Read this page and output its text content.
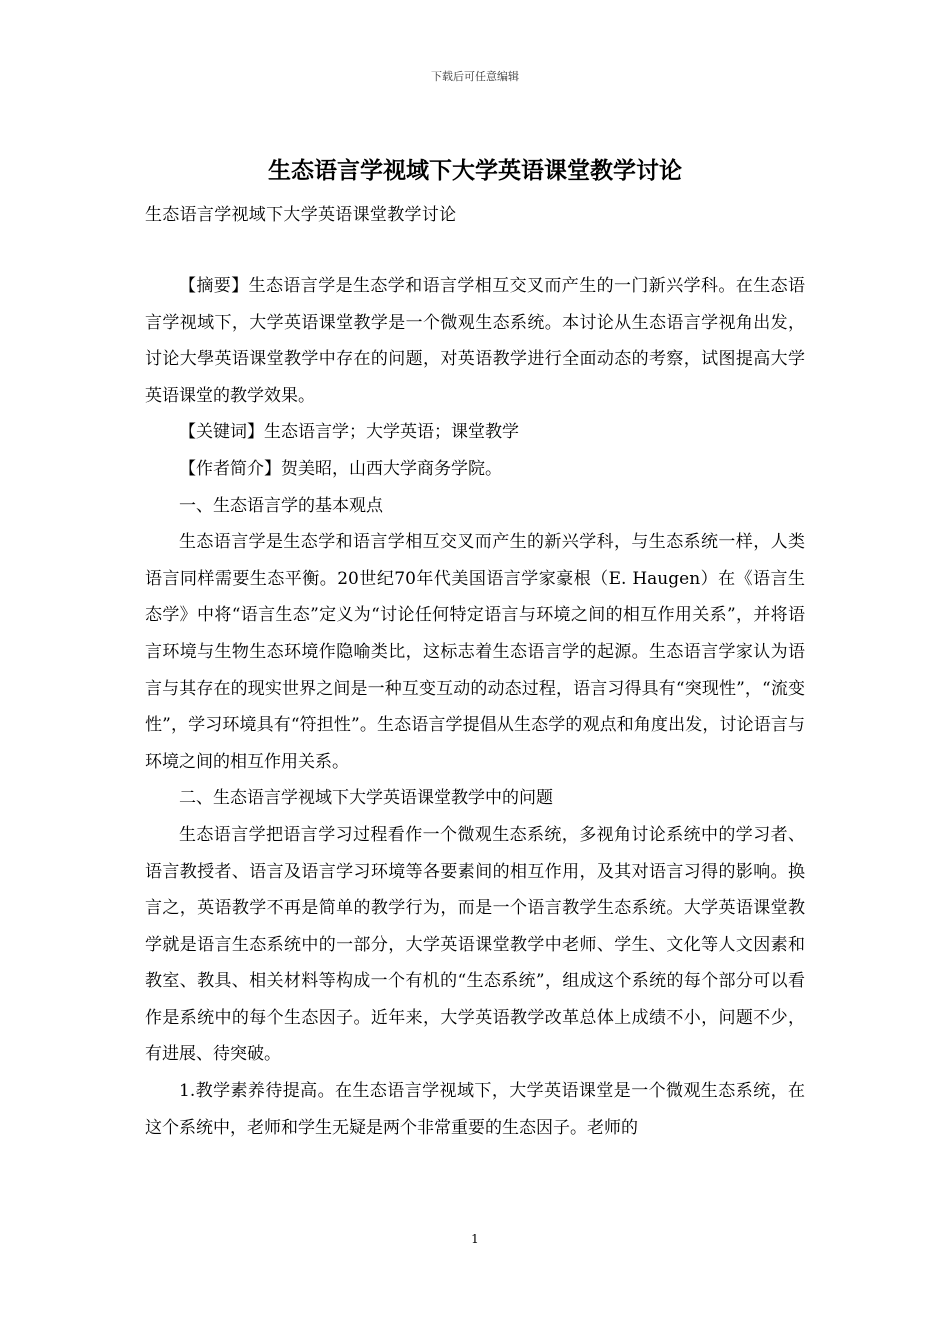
下载后可任意编辑
生态语言学视域下大学英语课堂教学讨论
生态语言学视域下大学英语课堂教学讨论

【摘要】生态语言学是生态学和语言学相互交叉而产生的一门新兴学科。在生态语言学视域下，大学英语课堂教学是一个微观生态系统。本讨论从生态语言学视角出发，讨论大學英语课堂教学中存在的问题，对英语教学进行全面动态的考察，试图提高大学英语课堂的教学效果。

【关键词】生态语言学；大学英语；课堂教学

【作者简介】贺美昭，山西大学商务学院。

一、生态语言学的基本观点

生态语言学是生态学和语言学相互交叉而产生的新兴学科，与生态系统一样，人类语言同样需要生态平衡。20世纪70年代美国语言学家豪根（E. Haugen）在《语言生态学》中将“语言生态”定义为“讨论任何特定语言与环境之间的相互作用关系”，并将语言环境与生物生态环境作隐喻类比，这标志着生态语言学的起源。生态语言学家认为语言与其存在的现实世界之间是一种互变互动的动态过程，语言习得具有“突现性”，“流变性”，学习环境具有“符担性”。生态语言学提倡从生态学的观点和角度出发，讨论语言与环境之间的相互作用关系。

二、生态语言学视域下大学英语课堂教学中的问题

生态语言学把语言学习过程看作一个微观生态系统，多视角讨论系统中的学习者、语言教授者、语言及语言学习环境等各要素间的相互作用，及其对语言习得的影响。换言之，英语教学不再是简单的教学行为，而是一个语言教学生态系统。大学英语课堂教学就是语言生态系统中的一部分，大学英语课堂教学中老师、学生、文化等人文因素和教室、教具、相关材料等构成一个有机的“生态系统”，组成这个系统的每个部分可以看作是系统中的每个生态因子。近年来，大学英语教学改革总体上成绩不小，问题不少，有进展、待突破。

1.教学素养待提高。在生态语言学视域下，大学英语课堂是一个微观生态系统，在这个系统中，老师和学生无疑是两个非常重要的生态因子。老师的

1
